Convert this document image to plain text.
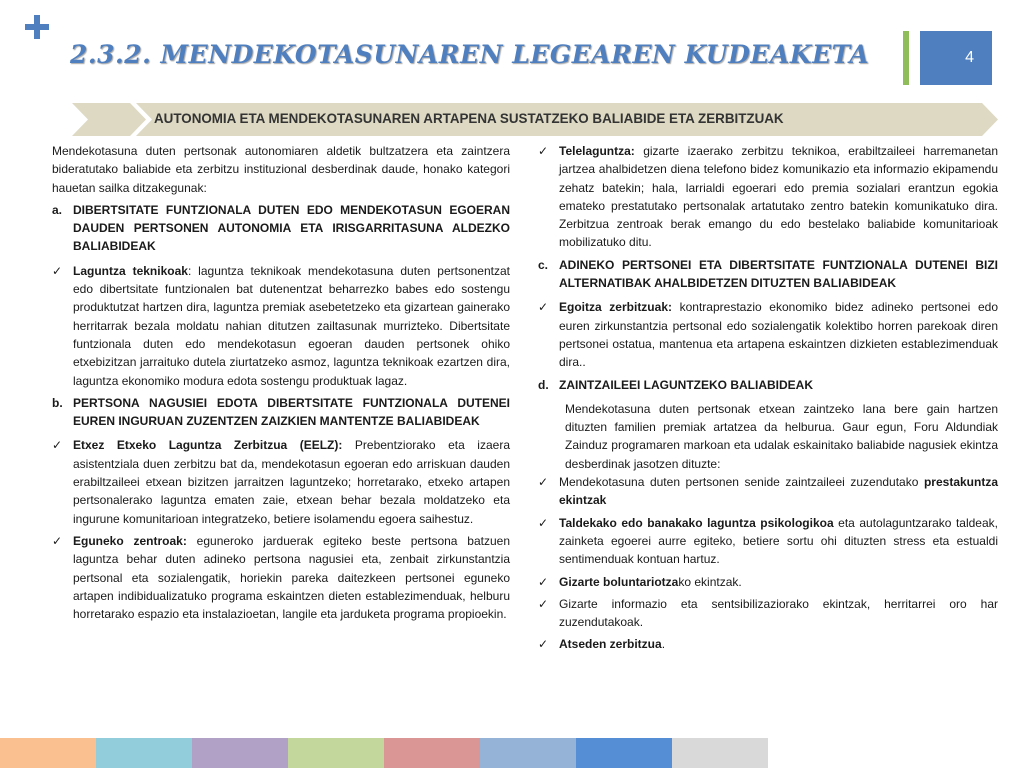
2.3.2. MENDEKOTASUNAREN LEGEAREN KUDEAKETA	4
AUTONOMIA ETA MENDEKOTASUNAREN ARTAPENA SUSTATZEKO BALIABIDE ETA ZERBITZUAK

Mendekotasuna duten pertsonak autonomiaren aldetik bultzatzera eta zaintzera bideratutako baliabide eta zerbitzu instituzional desberdinak daude, honako kategori hauetan sailka ditzakegunak:

a. DIBERTSITATE FUNTZIONALA DUTEN EDO MENDEKOTASUN EGOERAN DAUDEN PERTSONEN AUTONOMIA ETA IRISGARRITASUNA ALDEZKO BALIABIDEAK
✓ Laguntza teknikoak: laguntza teknikoak mendekotasuna duten pertsonentzat edo dibertsitate funtzionalen bat dutenentzat beharrezko babes edo sostengu produktutzat hartzen dira, laguntza premiak asebetetzeko eta gizartean gainerako herritarrak bezala moldatu nahian ditutzen zailtasunak murrizteko. Dibertsitate funtzionala duten edo mendekotasun egoeran dauden pertsonek ohiko etxebizitzan jarraituko dutela ziurtatzeko asmoz, laguntza teknikoak ezartzen dira, laguntza ekonomiko modura edota sostengu produktuak lagaz.
b. PERTSONA NAGUSIEI EDOTA DIBERTSITATE FUNTZIONALA DUTENEI EUREN INGURUAN ZUZENTZEN ZAIZKIEN MANTENTZE BALIABIDEAK
✓ Etxez Etxeko Laguntza Zerbitzua (EELZ): Prebentziorako eta izaera asistentziala duen zerbitzu bat da, mendekotasun egoeran edo arriskuan dauden erabiltzaileei etxean bizitzen jarraitzen laguntzeko; horretarako, etxeko artapen pertsonalerako laguntza ematen zaie, etxean behar bezala moldatzeko eta ingurune komunitarioan integratzeko, betiere isolamendu egoera saihestuz.
✓ Eguneko zentroak: eguneroko jarduerak egiteko beste pertsona batzuen laguntza behar duten adineko pertsona nagusiei eta, zenbait zirkunstantzia pertsonal eta sozialengatik, horiekin pareka daitezkeen pertsonei eguneko artapen indibidualizatuko programa eskaintzen dieten establezimenduak, helburu horretarako espazio eta instalazioetan, langile eta jarduketa programa propioekin.
✓ Telelaguntza: gizarte izaerako zerbitzu teknikoa, erabiltzaileei harremanetan jartzea ahalbidetzen diena telefono bidez komunikazio eta informazio ekipamendu zehatz batekin; hala, larrialdi egoerari edo premia sozialari erantzun egokia emateko prestatutako pertsonalak artatutako zentro batekin komunikatuko dira. Zerbitzua zentroak berak emango du edo bestelako baliabide komunitarioak mobilizatuko ditu.
c. ADINEKO PERTSONEI ETA DIBERTSITATE FUNTZIONALA DUTENEI BIZI ALTERNATIBAK AHALBIDETZEN DITUZTEN BALIABIDEAK
✓ Egoitza zerbitzuak: kontraprestazio ekonomiko bidez adineko pertsonei edo euren zirkunstantzia pertsonal edo sozialengatik kolektibo horren parekoak diren pertsonei ostatua, mantenua eta artapena eskaintzen dizkieten establezimenduak dira..
d. ZAINTZAILEEI LAGUNTZEKO BALIABIDEAK

Mendekotasuna duten pertsonak etxean zaintzeko lana bere gain hartzen dituzten familien premiak artatzea da helburua. Gaur egun, Foru Aldundiak Zainduz programaren markoan eta udalak eskainitako baliabide nagusiek ekintza desberdinak jasotzen dituzte:

✓ Mendekotasuna duten pertsonen senide zaintzaileei zuzendutako prestakuntza ekintzak
✓ Taldekako edo banakako laguntza psikologikoa eta autolaguntzarako taldeak, zainketa egoerei aurre egiteko, betiere sortu ohi dituzten stress eta estualdi sentimenduak kontuan hartuz.
✓ Gizarte boluntariotzako ekintzak.
✓ Gizarte informazio eta sentsibilizaziorako ekintzak, herritarrei oro har zuzendutakoak.
✓ Atseden zerbitzua.
